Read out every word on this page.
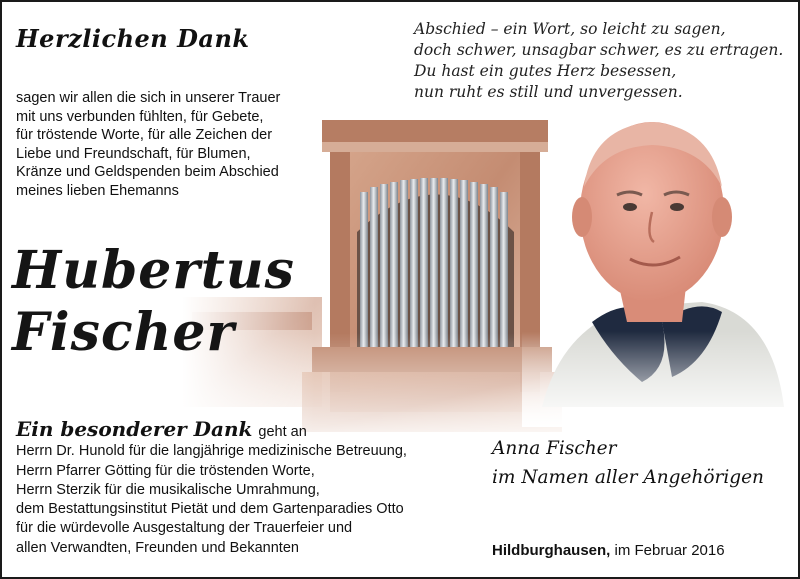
Herzlichen Dank	Abschied – ein Wort, so leicht zu sagen,
doch schwer, unsagbar schwer, es zu ertragen.
Du hast ein gutes Herz besessen,
nun ruht es still und unvergessen.
sagen wir allen die sich in unserer Trauer
mit uns verbunden fühlten, für Gebete,
für tröstende Worte, für alle Zeichen der
Liebe und Freundschaft, für Blumen,
Kränze und Geldspenden beim Abschied
meines lieben Ehemanns
Hubertus
Fischer
Ein besonderer Dank geht an
Herrn Dr. Hunold für die langjährige medizinische Betreuung,
Herrn Pfarrer Götting für die tröstenden Worte,
Herrn Sterzik für die musikalische Umrahmung,
dem Bestattungsinstitut Pietät und dem Gartenparadies Otto
für die würdevolle Ausgestaltung der Trauerfeier und
allen Verwandten, Freunden und Bekannten
Anna Fischer
im Namen aller Angehörigen
Hildburghausen, im Februar 2016
